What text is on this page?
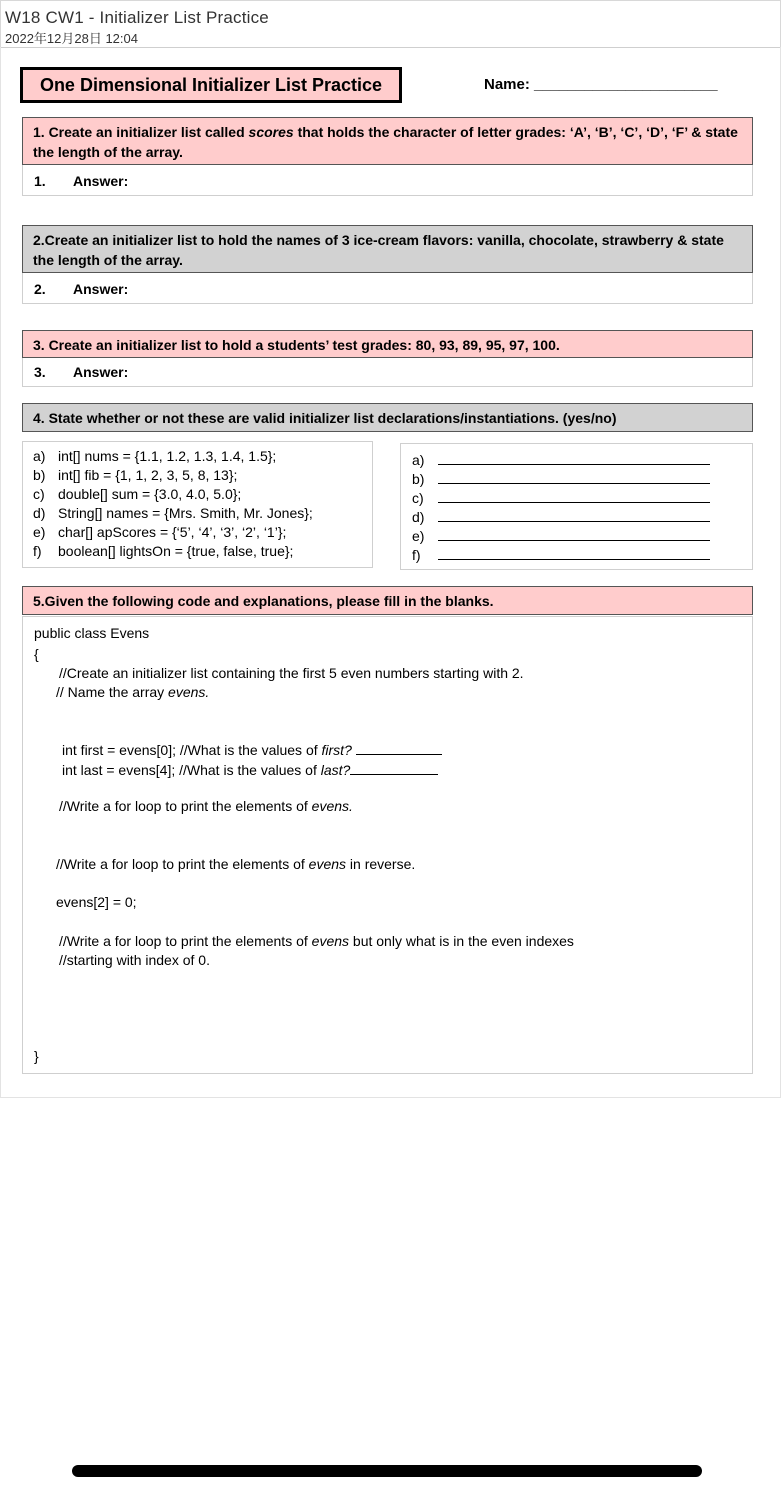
W18 CW1 - Initializer List Practice
2022年12月28日 12:04
One Dimensional Initializer List Practice	Name: ______________________
1. Create an initializer list called scores that holds the character of letter grades: ‘A’, ‘B’, ‘C’, ‘D’, ‘F’ & state
the length of the array.
1. Answer:
2.Create an initializer list to hold the names of 3 ice-cream flavors: vanilla, chocolate, strawberry & state
the length of the array.
2. Answer:
3. Create an initializer list to hold a students’ test grades: 80, 93, 89, 95, 97, 100.
3. Answer:
4. State whether or not these are valid initializer list declarations/instantiations. (yes/no)
a) int[] nums = {1.1, 1.2, 1.3, 1.4, 1.5};
b) int[] fib = {1, 1, 2, 3, 5, 8, 13};
c) double[] sum = {3.0, 4.0, 5.0};
d) String[] names = {Mrs. Smith, Mr. Jones};
e) char[] apScores = {‘5’, ‘4’, ‘3’, ‘2’, ‘1’};
f) boolean[] lightsOn = {true, false, true};
a)
b)
c)
d)
e)
f)
5.Given the following code and explanations, please fill in the blanks.
public class Evens
{
//Create an initializer list containing the first 5 even numbers starting with 2.
// Name the array evens.
int first = evens[0]; //What is the values of first?
int last = evens[4]; //What is the values of last?
//Write a for loop to print the elements of evens.
//Write a for loop to print the elements of evens in reverse.
evens[2] = 0;
//Write a for loop to print the elements of evens but only what is in the even indexes
//starting with index of 0.
}
